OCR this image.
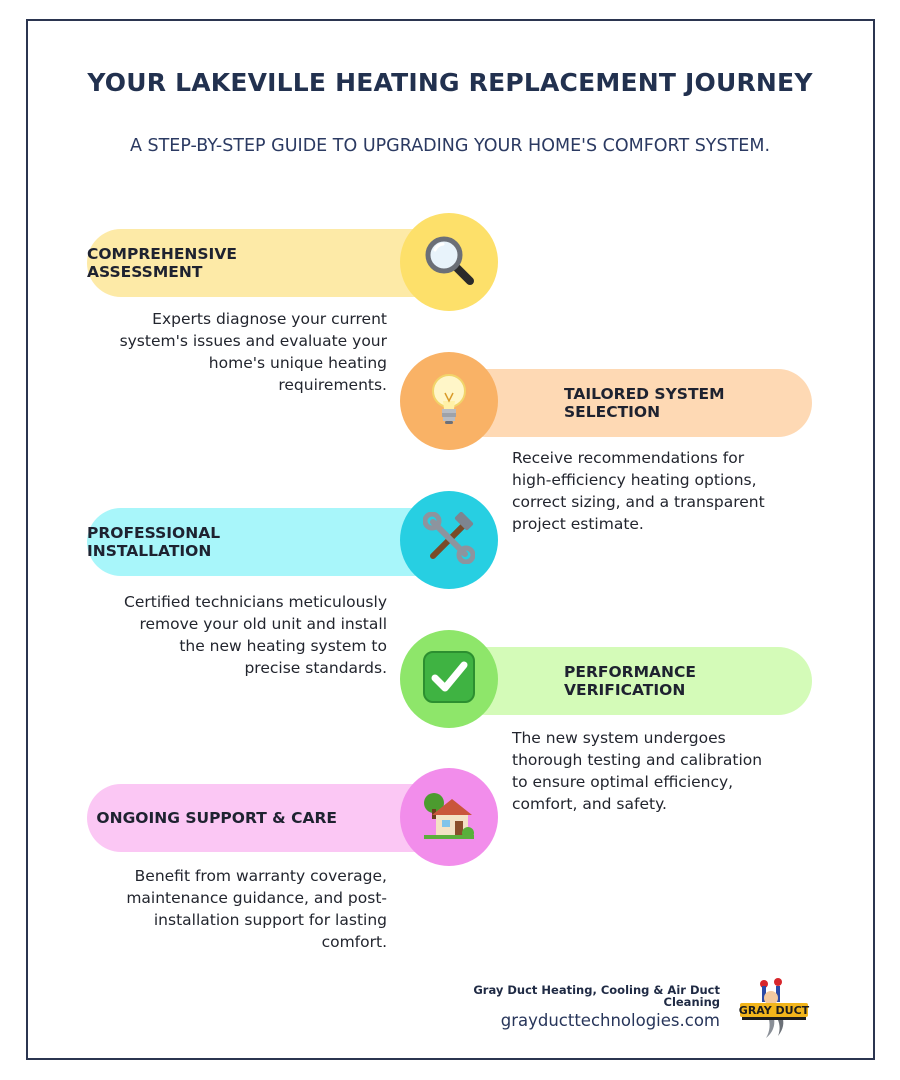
YOUR LAKEVILLE HEATING REPLACEMENT JOURNEY

A STEP-BY-STEP GUIDE TO UPGRADING YOUR HOME'S COMFORT SYSTEM.

COMPREHENSIVE ASSESSMENT
Experts diagnose your current
system's issues and evaluate your
home's unique heating
requirements.	TAILORED SYSTEM SELECTION
Receive recommendations for
high-efficiency heating options,
correct sizing, and a transparent
project estimate.
PROFESSIONAL INSTALLATION
Certified technicians meticulously
remove your old unit and install
the new heating system to
precise standards.	PERFORMANCE VERIFICATION
The new system undergoes
thorough testing and calibration
to ensure optimal efficiency,
comfort, and safety.
ONGOING SUPPORT & CARE
Benefit from warranty coverage,
maintenance guidance, and post-
installation support for lasting
comfort.
Gray Duct Heating, Cooling & Air Duct
Cleaning
grayducttechnologies.com
GRAY DUCT
